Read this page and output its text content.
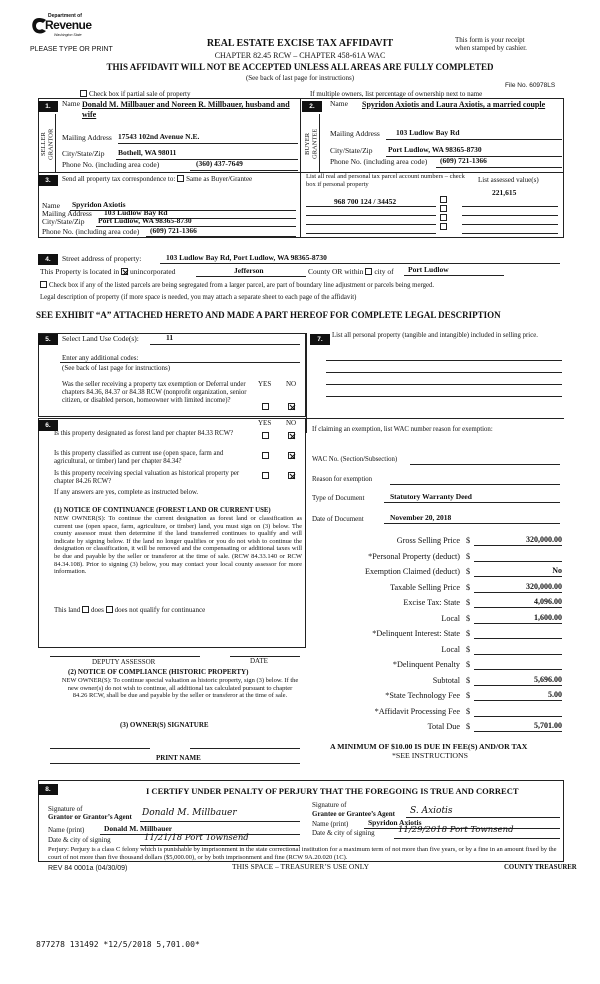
Department of
Revenue
Washington State
PLEASE TYPE OR PRINT
REAL ESTATE EXCISE TAX AFFIDAVIT
CHAPTER 82.45 RCW – CHAPTER 458-61A WAC
This form is your receipt
when stamped by cashier.
THIS AFFIDAVIT WILL NOT BE ACCEPTED UNLESS ALL AREAS ARE FULLY COMPLETED
(See back of last page for instructions)
File No. 60978LS
Check box if partial sale of property	If multiple owners, list percentage of ownership next to name
1.
SELLER GRANTOR
Name Donald M. Millbauer and Noreen R. Millbauer, husband and wife
Mailing Address 17543 102nd Avenue N.E.
City/State/Zip Bothell, WA 98011
Phone No. (including area code)	(360) 437-7649
2.
BUYER GRANTEE
Name Spyridon Axiotis and Laura Axiotis, a married couple
Mailing Address 103 Ludlow Bay Rd
City/State/Zip Port Ludlow, WA 98365-8730
Phone No. (including area code) (609) 721-1366
3.	Send all property tax correspondence to: Same as Buyer/Grantee
Name Spyridon Axiotis
Mailing Address 103 Ludlow Bay Rd
City/State/Zip Port Ludlow, WA 98365-8730
Phone No. (including area code) (609) 721-1366
List all real and personal tax parcel account numbers – check box if personal property
List assessed value(s)
221,615
968 700 124 / 34452
4.	Street address of property:	103 Ludlow Bay Rd, Port Ludlow, WA 98365-8730
This Property is located in unincorporated	Jefferson	County OR within city of Port Ludlow
Check box if any of the listed parcels are being segregated from a larger parcel, are part of boundary line adjustment or parcels being merged.
Legal description of property (if more space is needed, you may attach a separate sheet to each page of the affidavit)
SEE EXHIBIT “A” ATTACHED HERETO AND MADE A PART HEREOF FOR COMPLETE LEGAL DESCRIPTION
5.	Select Land Use Code(s):	11
Enter any additional codes:
(See back of last page for instructions)
YES NO
Was the seller receiving a property tax exemption or Deferral under chapters 84.36, 84.37 or 84.38 RCW (nonprofit organization, senior citizen, or disabled person, homeowner with limited income)?
6.	YES NO
Is this property designated as forest land per chapter 84.33 RCW?
Is this property classified as current use (open space, farm and agricultural, or timber) land per chapter 84.34?
Is this property receiving special valuation as historical property per chapter 84.26 RCW?
If any answers are yes, complete as instructed below.
(1) NOTICE OF CONTINUANCE (FOREST LAND OR CURRENT USE)
NEW OWNER(S): To continue the current designation as forest land or classification as current use (open space, farm, agriculture, or timber) land, you must sign on (3) below. The county assessor must then determine if the land transferred continues to qualify and will indicate by signing below. If the land no longer qualifies or you do not wish to continue the designation or classification, it will be removed and the compensating or additional taxes will be due and payable by the seller or transferor at the time of sale. (RCW 84.33.140 or RCW 84.34.108). Prior to signing (3) below, you may contact your local county assessor for more information.
This land does does not qualify for continuance
DEPUTY ASSESSOR	DATE
(2) NOTICE OF COMPLIANCE (HISTORIC PROPERTY)
NEW OWNER(S): To continue special valuation as historic property, sign (3) below. If the new owner(s) do not wish to continue, all additional tax calculated pursuant to chapter 84.26 RCW, shall be due and payable by the seller or transferor at the time of sale.
(3) OWNER(S) SIGNATURE
PRINT NAME
7.
List all personal property (tangible and intangible) included in selling price.
If claiming an exemption, list WAC number reason for exemption:
WAC No. (Section/Subsection)
Reason for exemption
Type of Document	Statutory Warranty Deed
Date of Document	November 20, 2018
Gross Selling Price $	320,000.00
*Personal Property (deduct) $
Exemption Claimed (deduct) $	No
Taxable Selling Price $	320,000.00
Excise Tax: State $	4,096.00
Local $	1,600.00
*Delinquent Interest: State $
Local $
*Delinquent Penalty $
Subtotal $	5,696.00
*State Technology Fee $	5.00
*Affidavit Processing Fee $
Total Due $	5,701.00
A MINIMUM OF $10.00 IS DUE IN FEE(S) AND/OR TAX
*SEE INSTRUCTIONS
8.	I CERTIFY UNDER PENALTY OF PERJURY THAT THE FOREGOING IS TRUE AND CORRECT
Signature of
Grantor or Grantor’s Agent Donald M. Millbauer
Name (print)	Donald M. Millbauer
Date & city of signing	11/21/18 Port Townsend
Signature of
Grantee or Grantee’s Agent S. Axiotis
Name (print)	Spyridon Axiotis
Date & city of signing	11/29/2018 Port Townsend
Perjury: Perjury is a class C felony which is punishable by imprisonment in the state correctional institution for a maximum term of not more than five years, or by a fine in an amount fixed by the court of not more than five thousand dollars ($5,000.00), or by both imprisonment and fine (RCW 9A.20.020 (1C).
REV 84 0001a (04/30/09)	THIS SPACE – TREASURER’S USE ONLY	COUNTY TREASURER
877278 131492 *12/5/2018 5,701.00*
